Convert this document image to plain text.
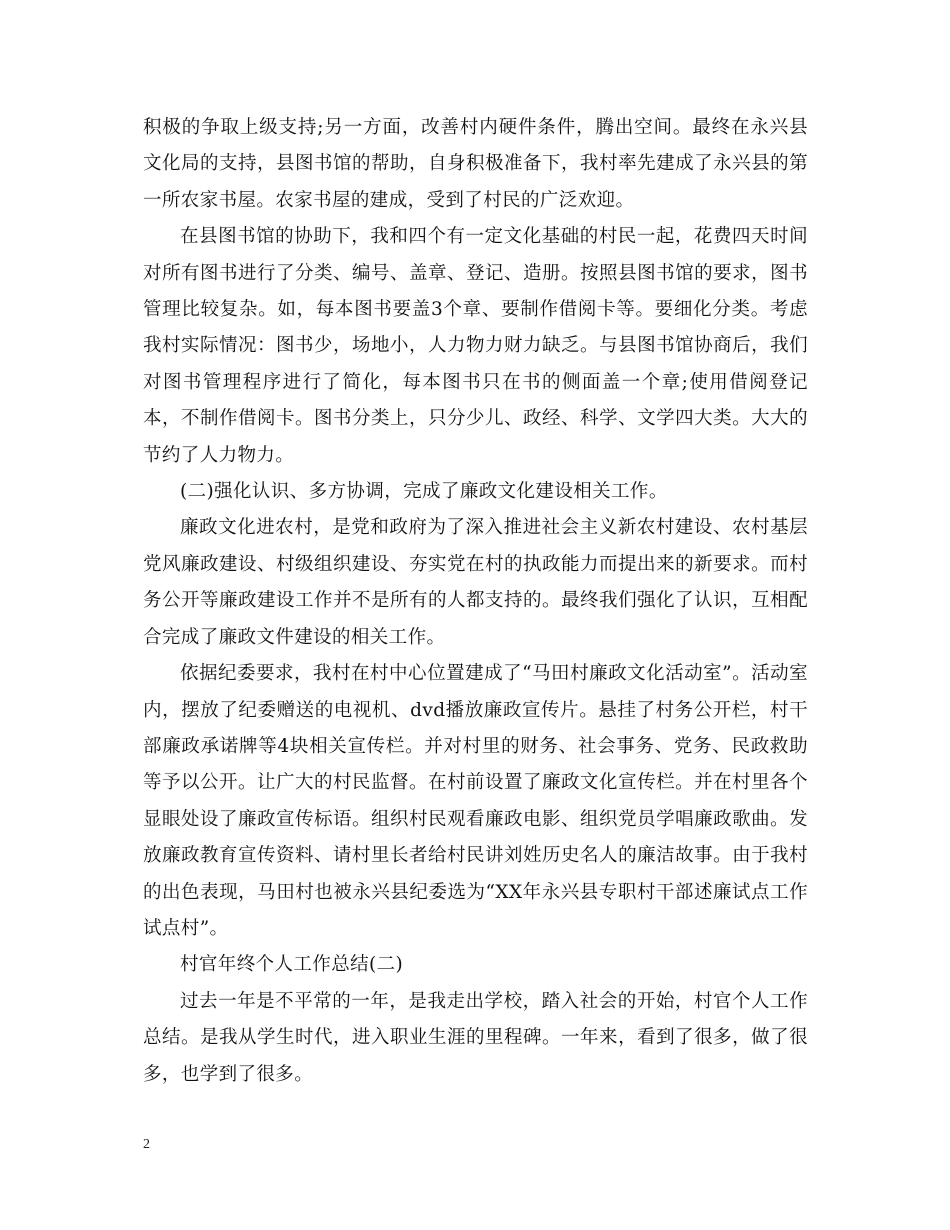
积极的争取上级支持;另一方面，改善村内硬件条件，腾出空间。最终在永兴县文化局的支持，县图书馆的帮助，自身积极准备下，我村率先建成了永兴县的第一所农家书屋。农家书屋的建成，受到了村民的广泛欢迎。

在县图书馆的协助下，我和四个有一定文化基础的村民一起，花费四天时间对所有图书进行了分类、编号、盖章、登记、造册。按照县图书馆的要求，图书管理比较复杂。如，每本图书要盖3个章、要制作借阅卡等。要细化分类。考虑我村实际情况：图书少，场地小，人力物力财力缺乏。与县图书馆协商后，我们对图书管理程序进行了简化，每本图书只在书的侧面盖一个章;使用借阅登记本，不制作借阅卡。图书分类上，只分少儿、政经、科学、文学四大类。大大的节约了人力物力。

(二)强化认识、多方协调，完成了廉政文化建设相关工作。

廉政文化进农村，是党和政府为了深入推进社会主义新农村建设、农村基层党风廉政建设、村级组织建设、夯实党在村的执政能力而提出来的新要求。而村务公开等廉政建设工作并不是所有的人都支持的。最终我们强化了认识，互相配合完成了廉政文件建设的相关工作。

依据纪委要求，我村在村中心位置建成了“马田村廉政文化活动室”。活动室内，摆放了纪委赠送的电视机、dvd播放廉政宣传片。悬挂了村务公开栏，村干部廉政承诺牌等4块相关宣传栏。并对村里的财务、社会事务、党务、民政救助等予以公开。让广大的村民监督。在村前设置了廉政文化宣传栏。并在村里各个显眼处设了廉政宣传标语。组织村民观看廉政电影、组织党员学唱廉政歌曲。发放廉政教育宣传资料、请村里长者给村民讲刘姓历史名人的廉洁故事。由于我村的出色表现，马田村也被永兴县纪委选为“XX年永兴县专职村干部述廉试点工作试点村”。

村官年终个人工作总结(二)

过去一年是不平常的一年，是我走出学校，踏入社会的开始，村官个人工作总结。是我从学生时代，进入职业生涯的里程碑。一年来，看到了很多，做了很多，也学到了很多。

2
